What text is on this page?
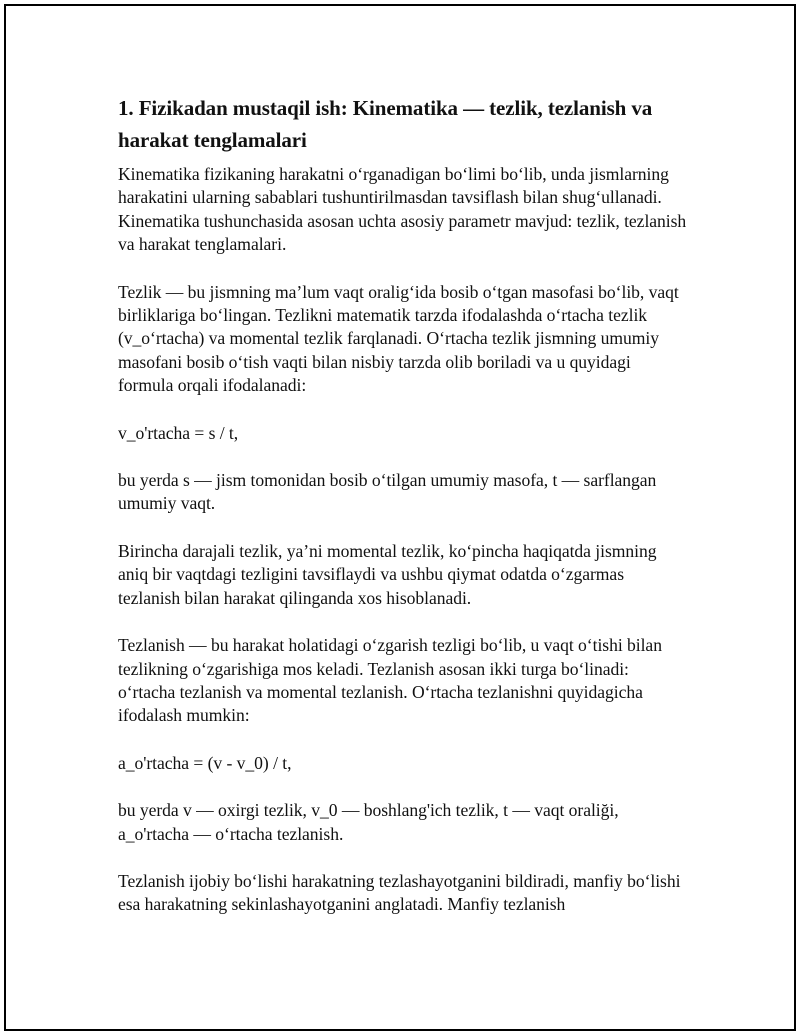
1. Fizikadan mustaqil ish: Kinematika — tezlik, tezlanish va harakat tenglamalari

Kinematika fizikaning harakatni oʻrganadigan boʻlimi boʻlib, unda jismlarning harakatini ularning sabablari tushuntirilmasdan tavsiflash bilan shugʻullanadi. Kinematika tushunchasida asosan uchta asosiy parametr mavjud: tezlik, tezlanish va harakat tenglamalari.

Tezlik — bu jismning maʼlum vaqt oraligʻida bosib oʻtgan masofasi boʻlib, vaqt birliklariga boʻlingan. Tezlikni matematik tarzda ifodalashda oʻrtacha tezlik (v_oʻrtacha) va momental tezlik farqlanadi. Oʻrtacha tezlik jismning umumiy masofani bosib oʻtish vaqti bilan nisbiy tarzda olib boriladi va u quyidagi formula orqali ifodalanadi:

v_o'rtacha = s / t,

bu yerda s — jism tomonidan bosib oʻtilgan umumiy masofa, t — sarflangan umumiy vaqt.

Birincha darajali tezlik, yaʼni momental tezlik, koʻpincha haqiqatda jismning aniq bir vaqtdagi tezligini tavsiflaydi va ushbu qiymat odatda oʻzgarmas tezlanish bilan harakat qilinganda xos hisoblanadi.

Tezlanish — bu harakat holatidagi oʻzgarish tezligi boʻlib, u vaqt oʻtishi bilan tezlikning oʻzgarishiga mos keladi. Tezlanish asosan ikki turga boʻlinadi: oʻrtacha tezlanish va momental tezlanish. Oʻrtacha tezlanishni quyidagicha ifodalash mumkin:

a_o'rtacha = (v - v_0) / t,

bu yerda v — oxirgi tezlik, v_0 — boshlang'ich tezlik, t — vaqt oraliği, a_o'rtacha — oʻrtacha tezlanish.

Tezlanish ijobiy boʻlishi harakatning tezlashayotganini bildiradi, manfiy boʻlishi esa harakatning sekinlashayotganini anglatadi. Manfiy tezlanish
